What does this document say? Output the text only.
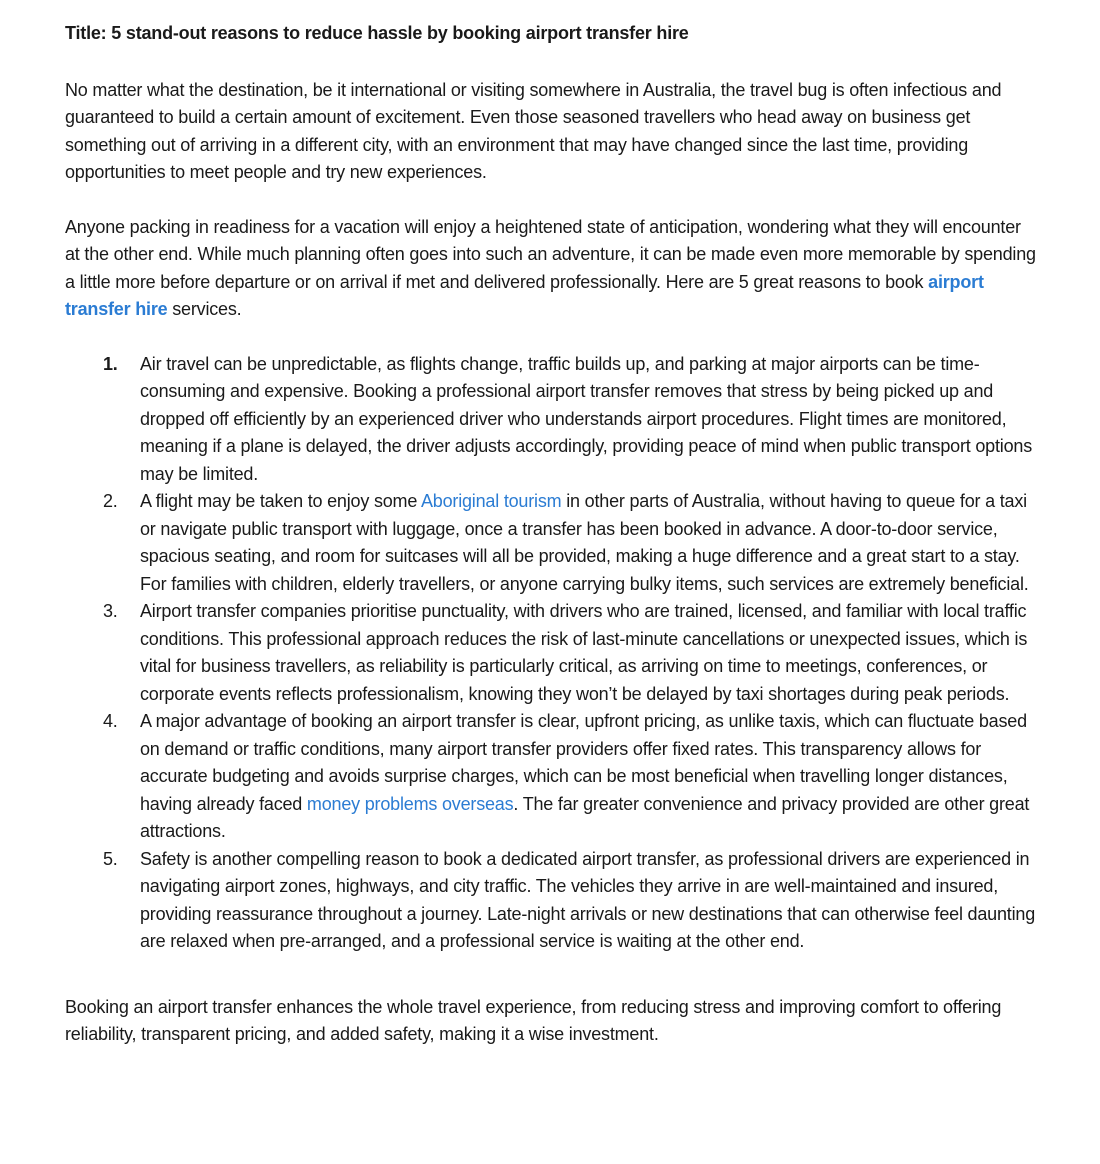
Title: 5 stand-out reasons to reduce hassle by booking airport transfer hire

No matter what the destination, be it international or visiting somewhere in Australia, the travel bug is often infectious and guaranteed to build a certain amount of excitement. Even those seasoned travellers who head away on business get something out of arriving in a different city, with an environment that may have changed since the last time, providing opportunities to meet people and try new experiences.

Anyone packing in readiness for a vacation will enjoy a heightened state of anticipation, wondering what they will encounter at the other end. While much planning often goes into such an adventure, it can be made even more memorable by spending a little more before departure or on arrival if met and delivered professionally. Here are 5 great reasons to book airport transfer hire services.

1. Air travel can be unpredictable, as flights change, traffic builds up, and parking at major airports can be time-consuming and expensive. Booking a professional airport transfer removes that stress by being picked up and dropped off efficiently by an experienced driver who understands airport procedures. Flight times are monitored, meaning if a plane is delayed, the driver adjusts accordingly, providing peace of mind when public transport options may be limited.
2. A flight may be taken to enjoy some Aboriginal tourism in other parts of Australia, without having to queue for a taxi or navigate public transport with luggage, once a transfer has been booked in advance. A door-to-door service, spacious seating, and room for suitcases will all be provided, making a huge difference and a great start to a stay. For families with children, elderly travellers, or anyone carrying bulky items, such services are extremely beneficial.
3. Airport transfer companies prioritise punctuality, with drivers who are trained, licensed, and familiar with local traffic conditions. This professional approach reduces the risk of last-minute cancellations or unexpected issues, which is vital for business travellers, as reliability is particularly critical, as arriving on time to meetings, conferences, or corporate events reflects professionalism, knowing they won’t be delayed by taxi shortages during peak periods.
4. A major advantage of booking an airport transfer is clear, upfront pricing, as unlike taxis, which can fluctuate based on demand or traffic conditions, many airport transfer providers offer fixed rates. This transparency allows for accurate budgeting and avoids surprise charges, which can be most beneficial when travelling longer distances, having already faced money problems overseas. The far greater convenience and privacy provided are other great attractions.
5. Safety is another compelling reason to book a dedicated airport transfer, as professional drivers are experienced in navigating airport zones, highways, and city traffic. The vehicles they arrive in are well-maintained and insured, providing reassurance throughout a journey. Late-night arrivals or new destinations that can otherwise feel daunting are relaxed when pre-arranged, and a professional service is waiting at the other end.

Booking an airport transfer enhances the whole travel experience, from reducing stress and improving comfort to offering reliability, transparent pricing, and added safety, making it a wise investment.
